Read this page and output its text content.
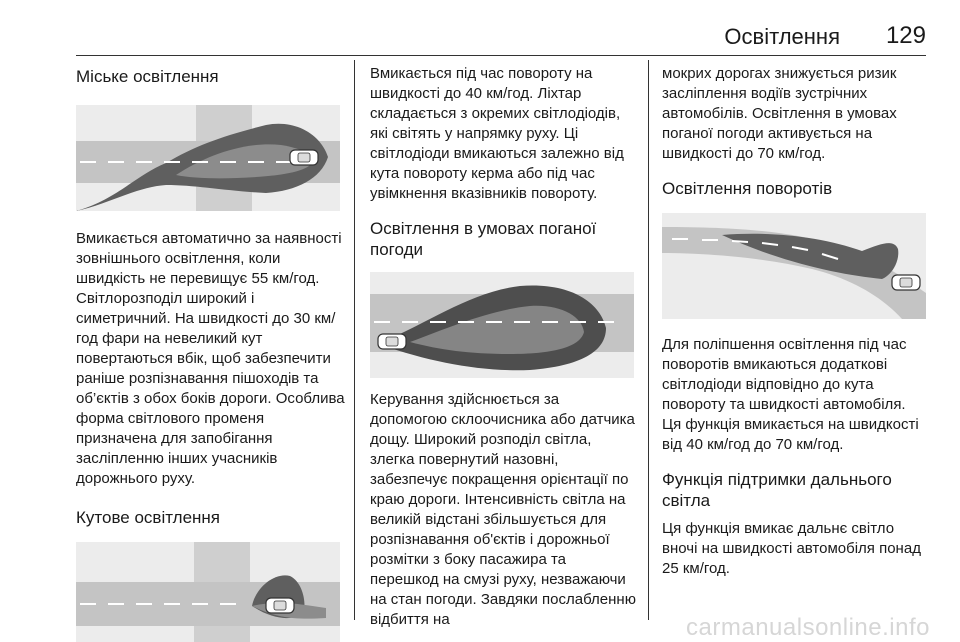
Освітлення 129
Міське освітлення
Вмикається автоматично за наявності зовнішнього освітлення, коли швидкість не перевищує 55 км/год. Світлорозподіл широкий і симетричний. На швидкості до 30 км/год фари на невеликий кут повертаються вбік, щоб забезпечити раніше розпізнавання пішоходів та об’єктів з обох боків дороги. Особлива форма світлового променя призначена для запобігання засліпленню інших учасників дорожнього руху.
Кутове освітлення
Вмикається під час повороту на швидкості до 40 км/год. Ліхтар складається з окремих світлодіодів, які світять у напрямку руху. Ці світлодіоди вмикаються залежно від кута повороту керма або під час увімкнення вказівників повороту.
Освітлення в умовах поганої погоди
Керування здійснюється за допомогою склоочисника або датчика дощу. Широкий розподіл світла, злегка повернутий назовні, забезпечує покращення орієнтації по краю дороги. Інтенсивність світла на великій відстані збільшується для розпізнавання об'єктів і дорожньої розмітки з боку пасажира та перешкод на смузі руху, незважаючи на стан погоди. Завдяки послабленню відбиття на
мокрих дорогах знижується ризик засліплення водіїв зустрічних автомобілів. Освітлення в умовах поганої погоди активується на швидкості до 70 км/год.
Освітлення поворотів
Для поліпшення освітлення під час поворотів вмикаються додаткові світлодіоди відповідно до кута повороту та швидкості автомобіля. Ця функція вмикається на швидкості від 40 км/год до 70 км/год.
Функція підтримки дальнього світла
Ця функція вмикає дальнє світло вночі на швидкості автомобіля понад 25 км/год.
carmanualsonline.info
